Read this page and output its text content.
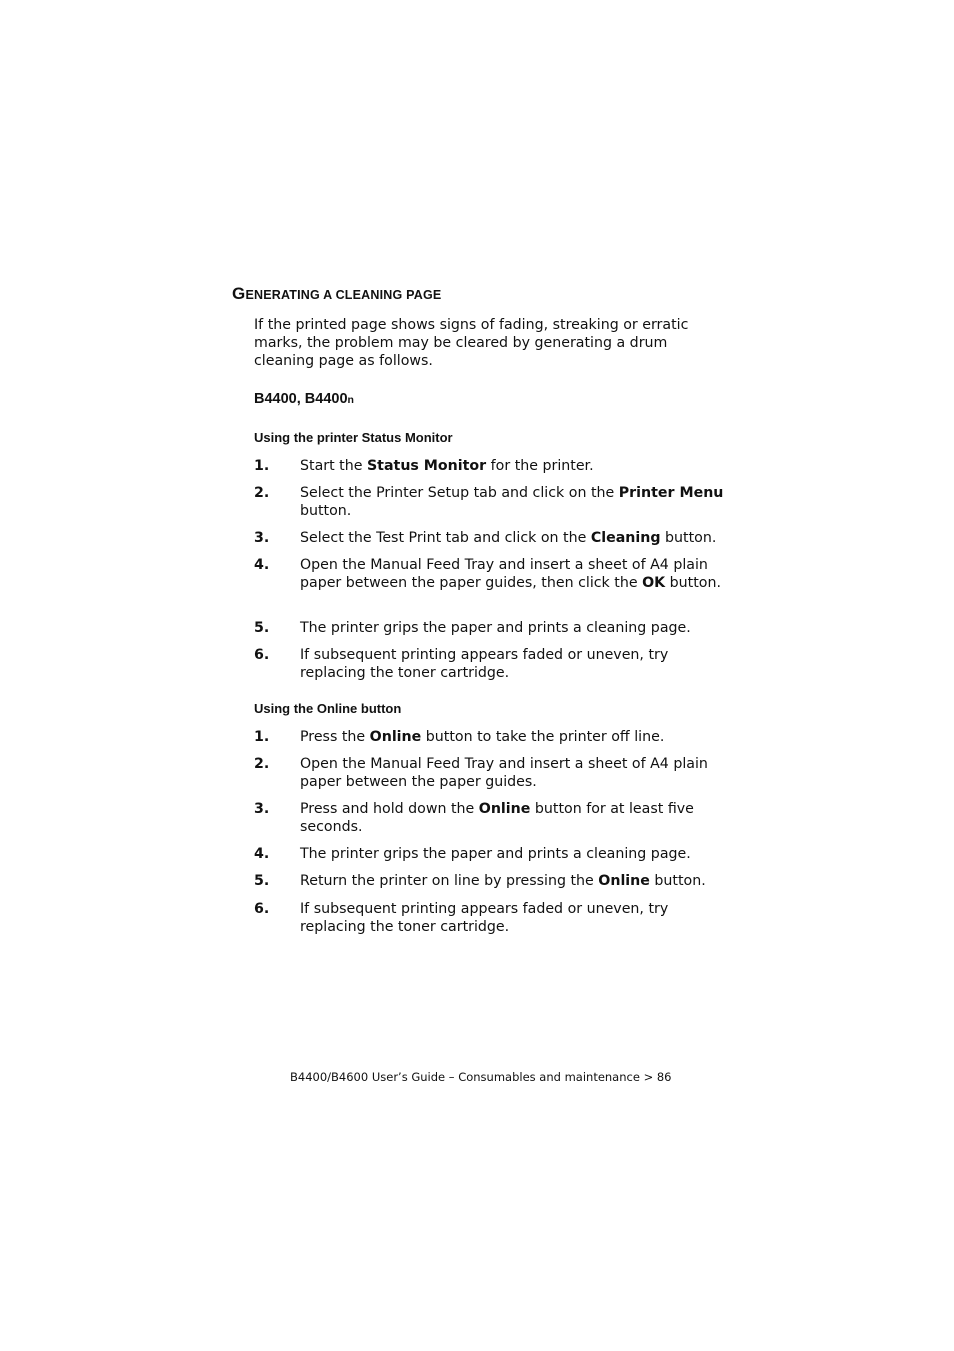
GENERATING A CLEANING PAGE
If the printed page shows signs of fading, streaking or erratic marks, the problem may be cleared by generating a drum cleaning page as follows.
B4400, B4400n
Using the printer Status Monitor
1. Start the Status Monitor for the printer.
2. Select the Printer Setup tab and click on the Printer Menu button.
3. Select the Test Print tab and click on the Cleaning button.
4. Open the Manual Feed Tray and insert a sheet of A4 plain paper between the paper guides, then click the OK button.
5. The printer grips the paper and prints a cleaning page.
6. If subsequent printing appears faded or uneven, try replacing the toner cartridge.
Using the Online button
1. Press the Online button to take the printer off line.
2. Open the Manual Feed Tray and insert a sheet of A4 plain paper between the paper guides.
3. Press and hold down the Online button for at least five seconds.
4. The printer grips the paper and prints a cleaning page.
5. Return the printer on line by pressing the Online button.
6. If subsequent printing appears faded or uneven, try replacing the toner cartridge.
B4400/B4600 User’s Guide – Consumables and maintenance > 86
